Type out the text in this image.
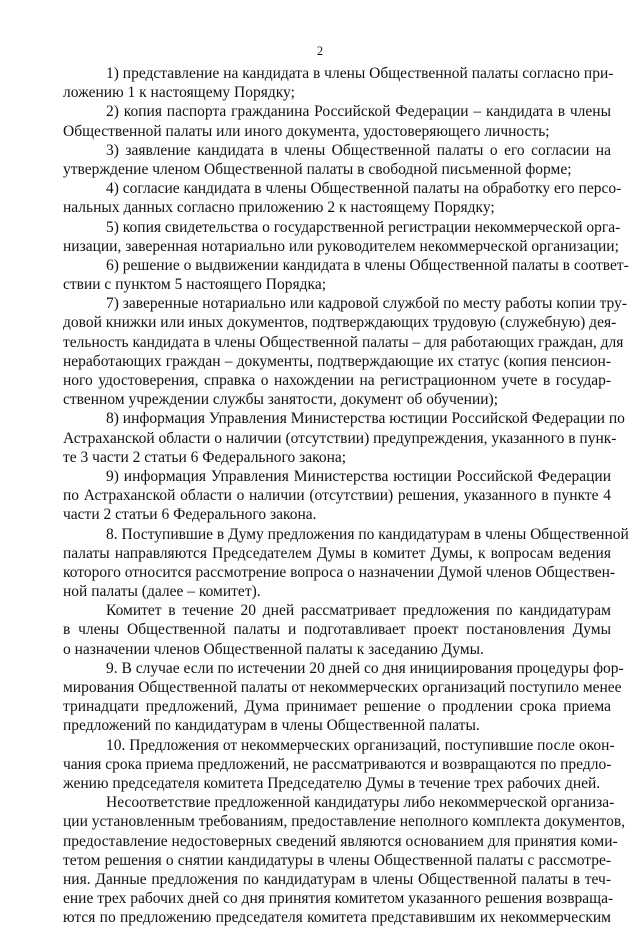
2
1) представление на кандидата в члены Общественной палаты согласно при-
ложению 1 к настоящему Порядку;
2) копия паспорта гражданина Российской Федерации – кандидата в члены
Общественной палаты или иного документа, удостоверяющего личность;
3) заявление кандидата в члены Общественной палаты о его согласии на
утверждение членом Общественной палаты в свободной письменной форме;
4) согласие кандидата в члены Общественной палаты на обработку его персо-
нальных данных согласно приложению 2 к настоящему Порядку;
5) копия свидетельства о государственной регистрации некоммерческой орга-
низации, заверенная нотариально или руководителем некоммерческой организации;
6) решение о выдвижении кандидата в члены Общественной палаты в соответ-
ствии с пунктом 5 настоящего Порядка;
7) заверенные нотариально или кадровой службой по месту работы копии тру-
довой книжки или иных документов, подтверждающих трудовую (служебную) дея-
тельность кандидата в члены Общественной палаты – для работающих граждан, для
неработающих граждан – документы, подтверждающие их статус (копия пенсион-
ного удостоверения, справка о нахождении на регистрационном учете в государ-
ственном учреждении службы занятости, документ об обучении);
8) информация Управления Министерства юстиции Российской Федерации по
Астраханской области о наличии (отсутствии) предупреждения, указанного в пунк-
те 3 части 2 статьи 6 Федерального закона;
9) информация Управления Министерства юстиции Российской Федерации
по Астраханской области о наличии (отсутствии) решения, указанного в пункте 4
части 2 статьи 6 Федерального закона.
8. Поступившие в Думу предложения по кандидатурам в члены Общественной
палаты направляются Председателем Думы в комитет Думы, к вопросам ведения
которого относится рассмотрение вопроса о назначении Думой членов Обществен-
ной палаты (далее – комитет).
Комитет в течение 20 дней рассматривает предложения по кандидатурам
в члены Общественной палаты и подготавливает проект постановления Думы
о назначении членов Общественной палаты к заседанию Думы.
9. В случае если по истечении 20 дней со дня инициирования процедуры фор-
мирования Общественной палаты от некоммерческих организаций поступило менее
тринадцати предложений, Дума принимает решение о продлении срока приема
предложений по кандидатурам в члены Общественной палаты.
10. Предложения от некоммерческих организаций, поступившие после окон-
чания срока приема предложений, не рассматриваются и возвращаются по предло-
жению председателя комитета Председателю Думы в течение трех рабочих дней.
Несоответствие предложенной кандидатуры либо некоммерческой организа-
ции установленным требованиям, предоставление неполного комплекта документов,
предоставление недостоверных сведений являются основанием для принятия коми-
тетом решения о снятии кандидатуры в члены Общественной палаты с рассмотре-
ния. Данные предложения по кандидатурам в члены Общественной палаты в теч-
ение трех рабочих дней со дня принятия комитетом указанного решения возвраща-
ются по предложению председателя комитета представившим их некоммерческим
